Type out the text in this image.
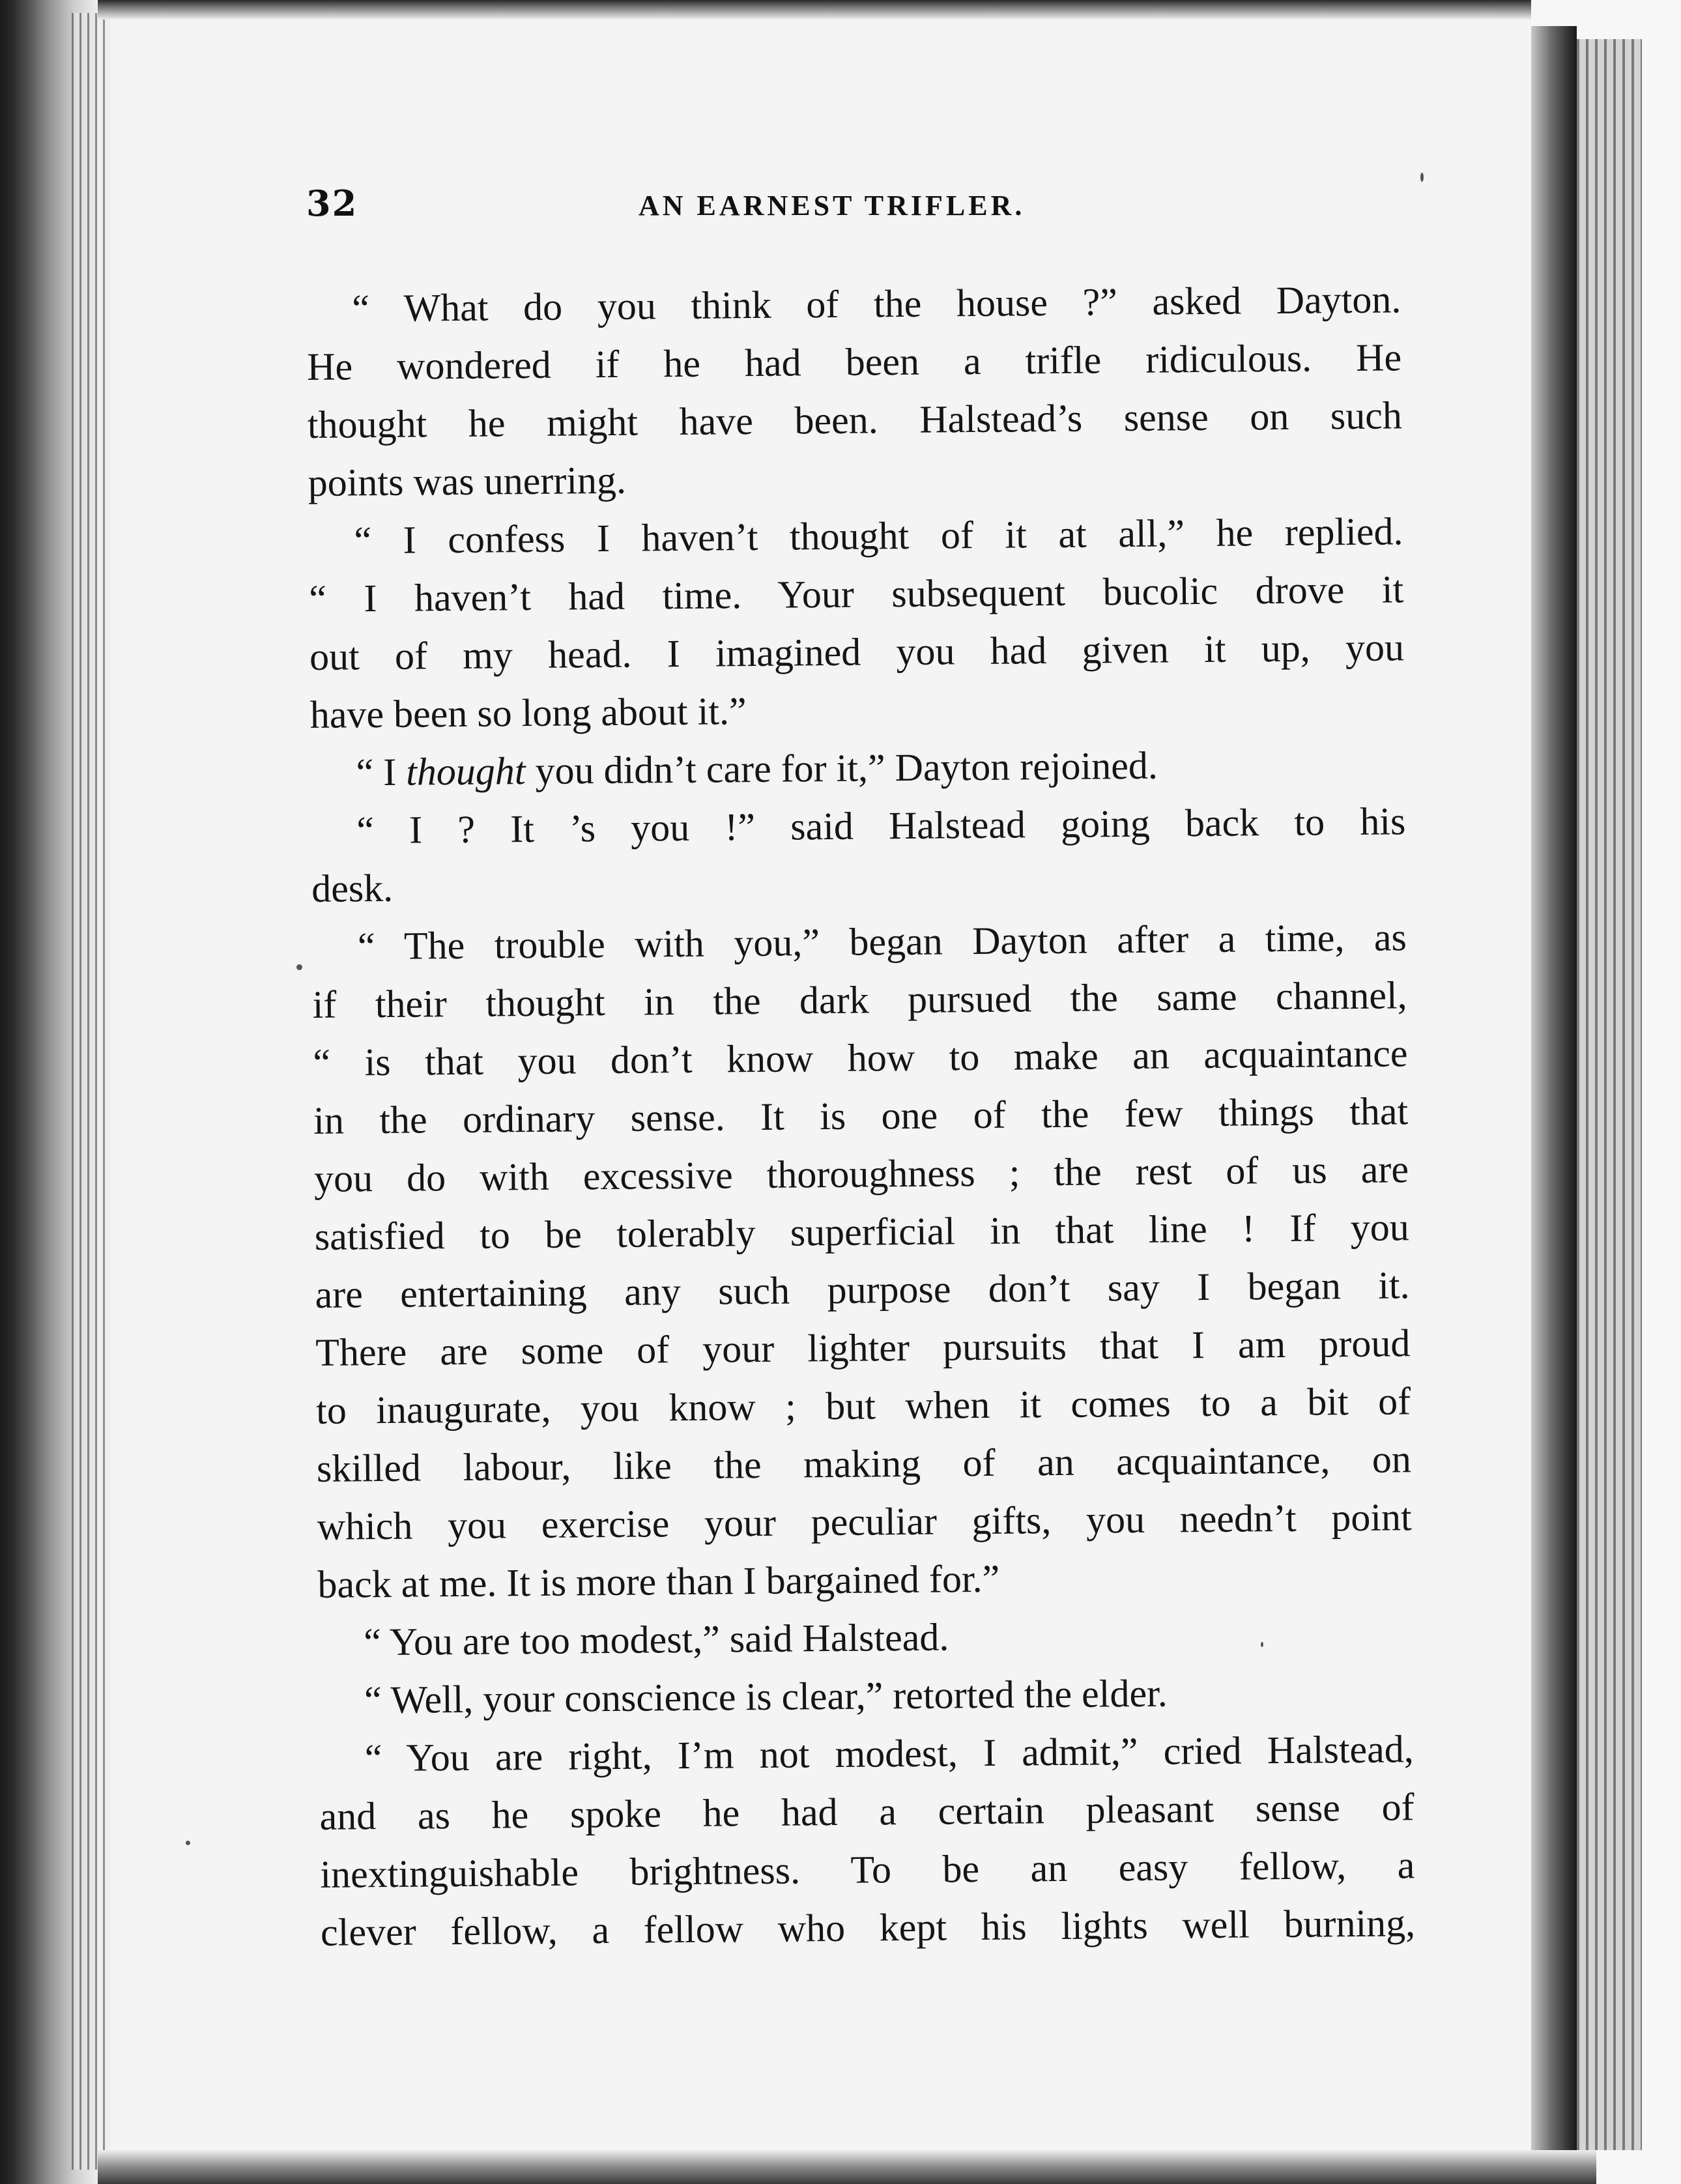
32	AN EARNEST TRIFLER.
“ What do you think of the house ?” asked Dayton.
He wondered if he had been a trifle ridiculous. He
thought he might have been. Halstead’s sense on such
points was unerring.
“ I confess I haven’t thought of it at all,” he replied.
“ I haven’t had time. Your subsequent bucolic drove it
out of my head. I imagined you had given it up, you
have been so long about it.”
“ I thought you didn’t care for it,” Dayton rejoined.
“ I ? It ’s you !” said Halstead going back to his
desk.
“ The trouble with you,” began Dayton after a time, as
if their thought in the dark pursued the same channel,
“ is that you don’t know how to make an acquaintance
in the ordinary sense. It is one of the few things that
you do with excessive thoroughness ; the rest of us are
satisfied to be tolerably superficial in that line ! If you
are entertaining any such purpose don’t say I began it.
There are some of your lighter pursuits that I am proud
to inaugurate, you know ; but when it comes to a bit of
skilled labour, like the making of an acquaintance, on
which you exercise your peculiar gifts, you needn’t point
back at me. It is more than I bargained for.”
“ You are too modest,” said Halstead.
“ Well, your conscience is clear,” retorted the elder.
“ You are right, I’m not modest, I admit,” cried Halstead,
and as he spoke he had a certain pleasant sense of
inextinguishable brightness. To be an easy fellow, a
clever fellow, a fellow who kept his lights well burning,
